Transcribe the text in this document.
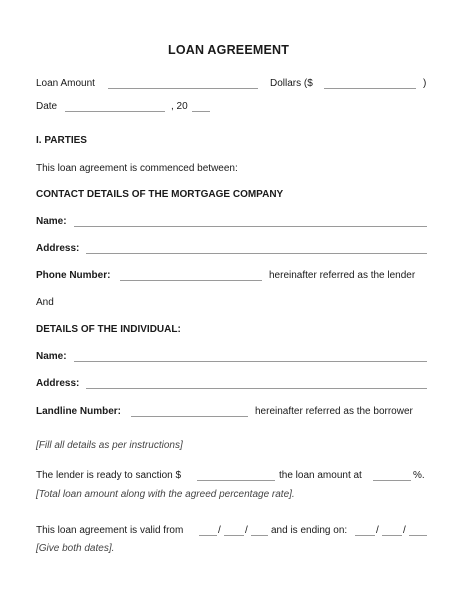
LOAN AGREEMENT
Loan Amount	Dollars ($	)
Date	, 20
I. PARTIES
This loan agreement is commenced between:
CONTACT DETAILS OF THE MORTGAGE COMPANY
Name:
Address:
Phone Number:	hereinafter referred as the lender
And
DETAILS OF THE INDIVIDUAL:
Name:
Address:
Landline Number:	hereinafter referred as the borrower
[Fill all details as per instructions]
The lender is ready to sanction $	the loan amount at	%.
[Total loan amount along with the agreed percentage rate].
This loan agreement is valid from	/ / and is ending on:	/ /
[Give both dates].
